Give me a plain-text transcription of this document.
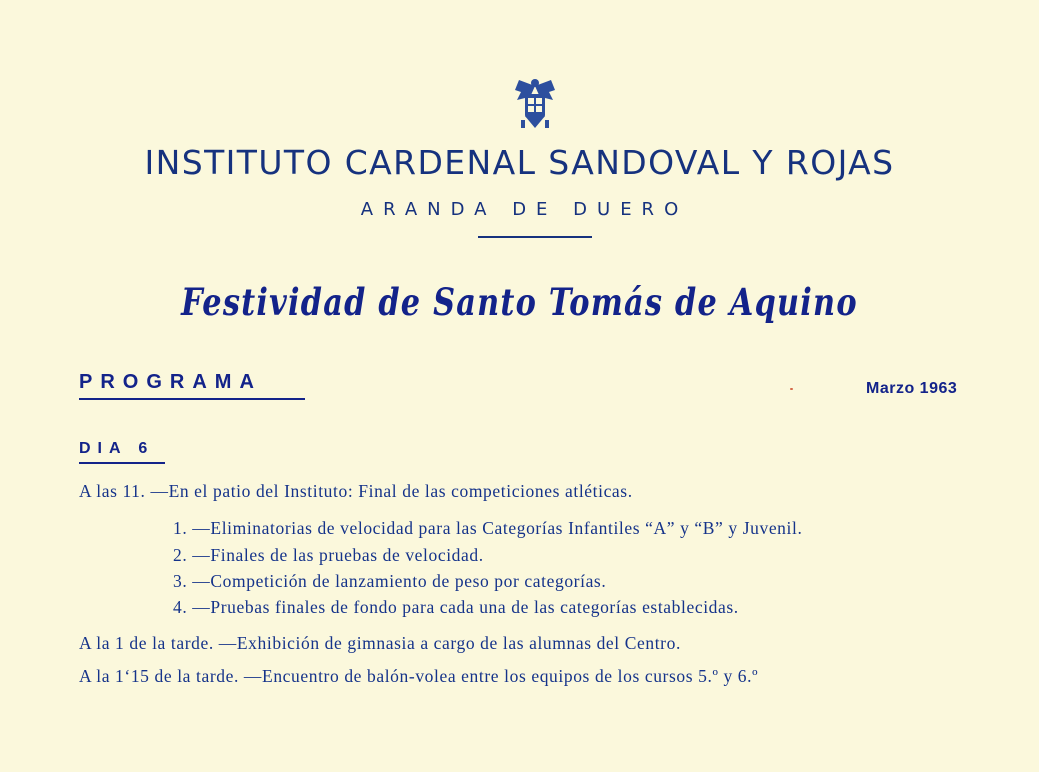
INSTITUTO CARDENAL SANDOVAL Y ROJAS
ARANDA DE DUERO
Festividad de Santo Tomás de Aquino
PROGRAMA	Marzo 1963
DIA 6
A las 11. —En el patio del Instituto: Final de las competiciones atléticas.
1. —Eliminatorias de velocidad para las Categorías Infantiles “A” y “B” y Juvenil.
2. —Finales de las pruebas de velocidad.
3. —Competición de lanzamiento de peso por categorías.
4. —Pruebas finales de fondo para cada una de las categorías establecidas.
A la 1 de la tarde. —Exhibición de gimnasia a cargo de las alumnas del Centro.
A la 1‘15 de la tarde. —Encuentro de balón-volea entre los equipos de los cursos 5.º y 6.º
